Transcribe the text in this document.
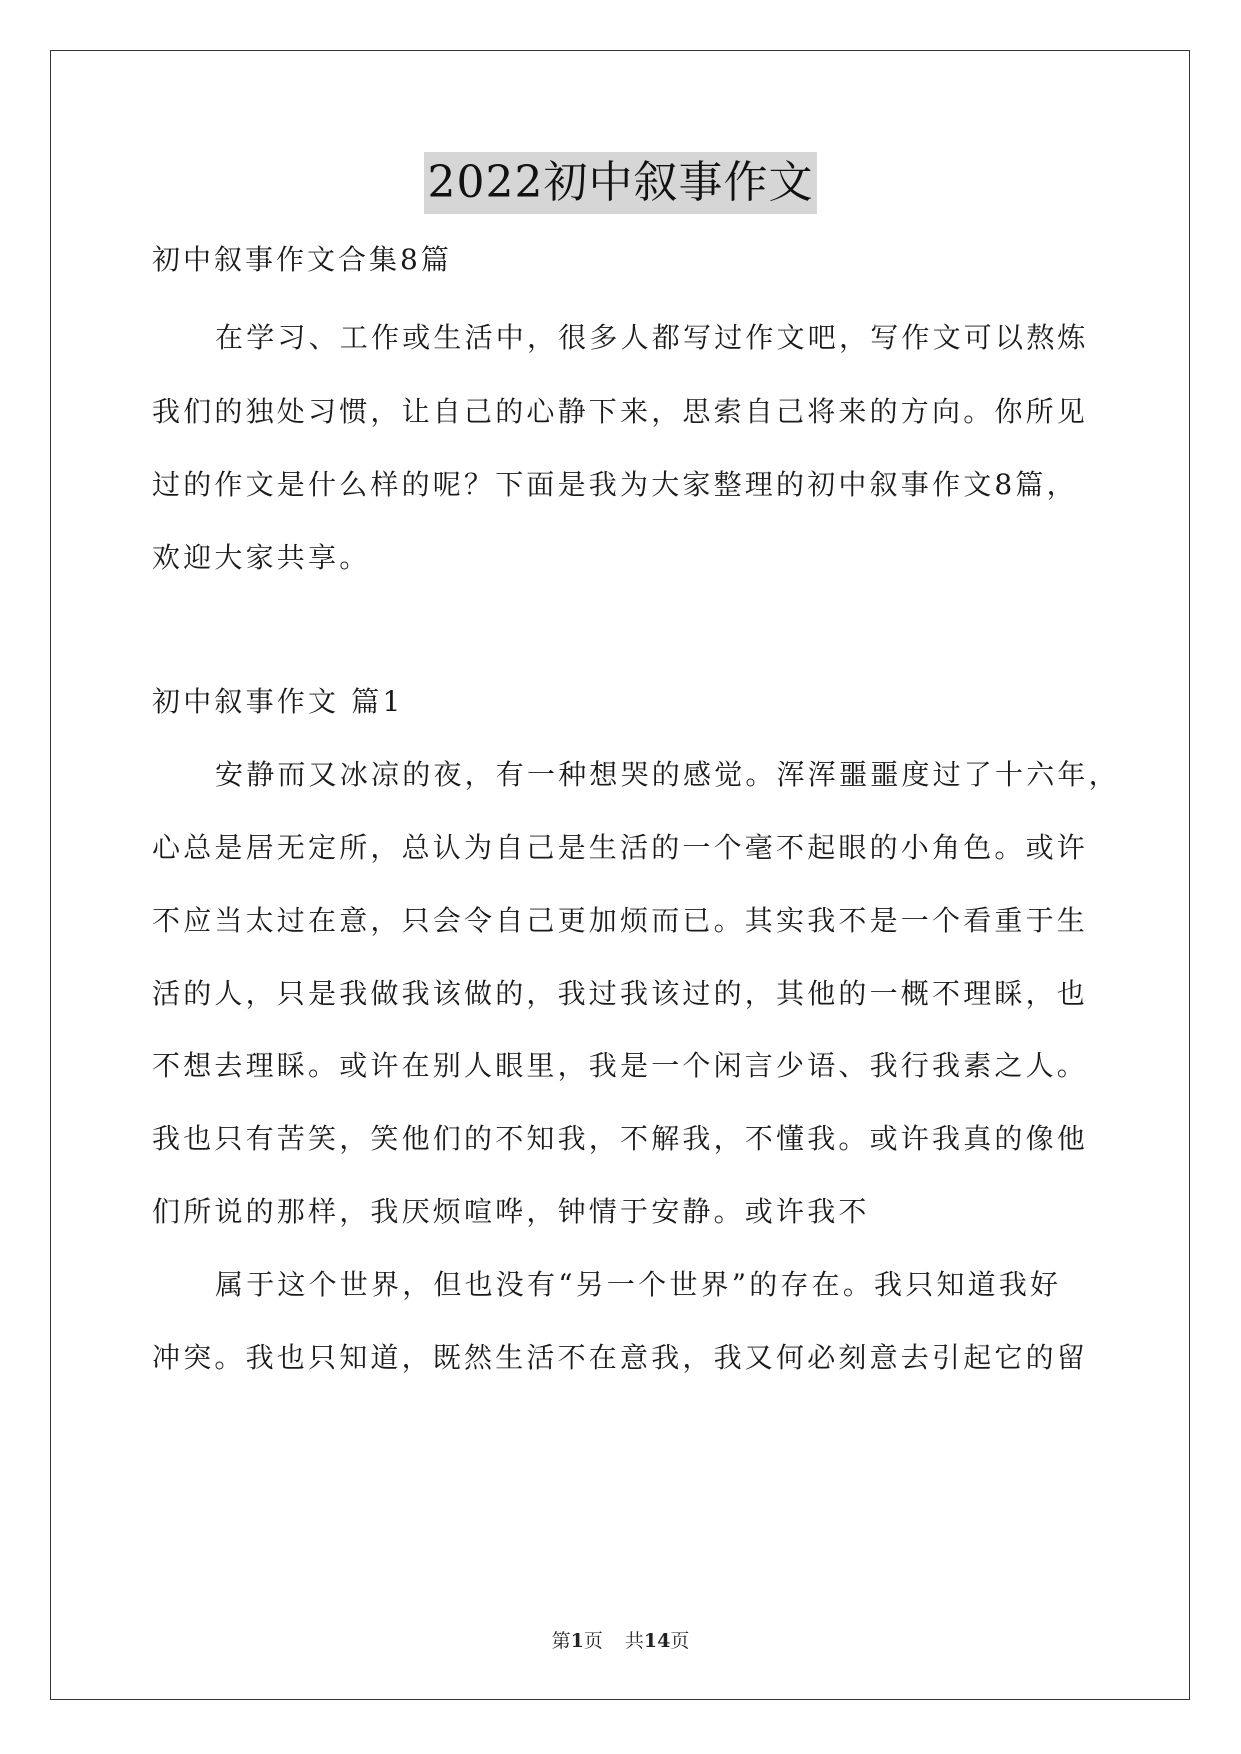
2022初中叙事作文
初中叙事作文合集8篇
在学习、工作或生活中，很多人都写过作文吧，写作文可以熬炼
我们的独处习惯，让自己的心静下来，思索自己将来的方向。你所见
过的作文是什么样的呢？下面是我为大家整理的初中叙事作文8篇，
欢迎大家共享。
初中叙事作文 篇1
安静而又冰凉的夜，有一种想哭的感觉。浑浑噩噩度过了十六年，
心总是居无定所，总认为自己是生活的一个毫不起眼的小角色。或许
不应当太过在意，只会令自己更加烦而已。其实我不是一个看重于生
活的人，只是我做我该做的，我过我该过的，其他的一概不理睬，也
不想去理睬。或许在别人眼里，我是一个闲言少语、我行我素之人。
我也只有苦笑，笑他们的不知我，不解我，不懂我。或许我真的像他
们所说的那样，我厌烦喧哗，钟情于安静。或许我不
属于这个世界，但也没有“另一个世界”的存在。我只知道我好
冲突。我也只知道，既然生活不在意我，我又何必刻意去引起它的留
第1页 共14页
